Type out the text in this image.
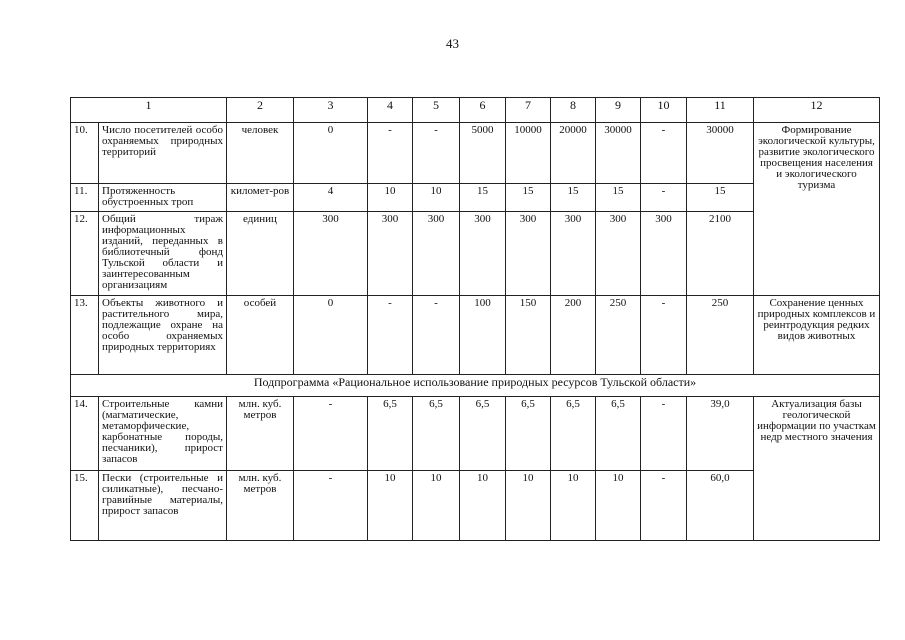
43
1		2	3	4	5	6	7	8	9	10	11	12
10.	Число посетителей особо охраняемых природных территорий	человек	0	-	-	5000	10000	20000	30000	-	30000	Формирование экологической культуры, развитие экологического просвещения населения и экологического туризма
11.	Протяженность обустроенных троп	километ-ров	4	10	10	15	15	15	15	-	15	
12.	Общий тираж информационных изданий, переданных в библиотечный фонд Тульской области и заинтересованным организациям	единиц	300	300	300	300	300	300	300	300	2100	
13.	Объекты животного и растительного мира, подлежащие охране на особо охраняемых природных территориях	особей	0	-	-	100	150	200	250	-	250	Сохранение ценных природных комплексов и реинтродукция редких видов животных
Подпрограмма «Рациональное использование природных ресурсов Тульской области»												
14.	Строительные камни (магматические, метаморфические, карбонатные породы, песчаники), прирост запасов	млн. куб. метров	-	6,5	6,5	6,5	6,5	6,5	6,5	-	39,0	Актуализация базы геологической информации по участкам недр местного значения
15.	Пески (строительные и силикатные), песчано-гравийные материалы, прирост запасов	млн. куб. метров	-	10	10	10	10	10	10	-	60,0	
